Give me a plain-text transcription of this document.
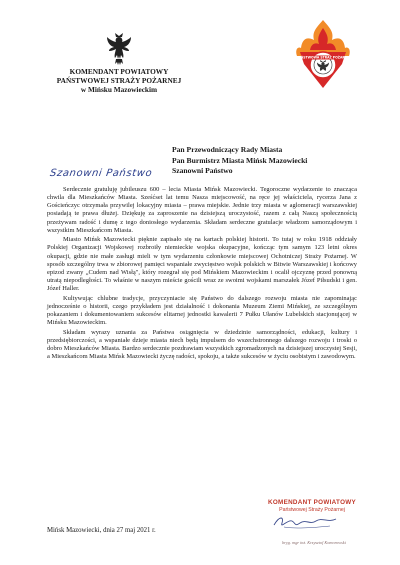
KOMENDANT POWIATOWY
PAŃSTWOWEJ STRAŻY POŻARNEJ
w Mińsku Mazowieckim
PAŃSTWOWA STRAŻ POŻARNA
Pan Przewodniczący Rady Miasta
Pan Burmistrz Miasta Mińsk Mazowiecki
Szanowni Państwo
Szanowni Państwo

Serdecznie gratuluję jubileuszu 600 – lecia Miasta Mińsk Mazowiecki. Tegoroczne wydarzenie to znacząca chwila dla Mieszkańców Miasta. Sześćset lat temu Nasza miejscowość, na ręce jej właściciela, rycerza Jana z Gościeńczyc otrzymała przywilej lokacyjny miasta – prawa miejskie. Jednie trzy miasta w aglomeracji warszawskiej posiadają te prawa dłużej. Dziękuję za zaproszenie na dzisiejszą uroczystość, razem z całą Naszą społecznością przeżywam radość i dumę z tego doniosłego wydarzenia. Składam serdeczne gratulacje władzom samorządowym i wszystkim Mieszkańcom Miasta.

Miasto Mińsk Mazowiecki pięknie zapisało się na kartach polskiej historii. To tutaj w roku 1918 oddziały Polskiej Organizacji Wojskowej rozbroiły niemieckie wojska okupacyjne, kończąc tym samym 123 letni okres okupacji, gdzie nie małe zasługi mieli w tym wydarzeniu członkowie miejscowej Ochotniczej Straży Pożarnej. W sposób szczególny trwa w zbiorowej pamięci wspaniałe zwycięstwo wojsk polskich w Bitwie Warszawskiej i końcowy epizod zwany „Cudem nad Wisłą", który rozegrał się pod Mińskiem Mazowieckim i ocalił ojczyznę przed ponowną utratą niepodległości. To właśnie w naszym mieście gościli wraz ze swoimi wojskami marszałek Józef Piłsudski i gen. Józef Haller.

Kultywując chlubne tradycje, przyczyniacie się Państwo do dalszego rozwoju miasta nie zapominając jednocześnie o historii, czego przykładem jest działalność i dokonania Muzeum Ziemi Mińskiej, ze szczególnym pokazaniem i dokumentowaniem sukcesów elitarnej jednostki kawalerii 7 Pułku Ułanów Lubelskich stacjonującej w Mińsku Mazowieckim.

Składam wyrazy uznania za Państwa osiągnięcia w dziedzinie samorządności, edukacji, kultury i przedsiębiorczości, a wspaniałe dzieje miasta niech będą impulsem do wszechstronnego dalszego rozwoju i troski o dobro Mieszkańców Miasta. Bardzo serdecznie pozdrawiam wszystkich zgromadzonych na dzisiejszej uroczystej Sesji, a Mieszkańcom Miasta Mińsk Mazowiecki życzę radości, spokoju, a także sukcesów w życiu osobistym i zawodowym.

Mińsk Mazowiecki, dnia 27 maj 2021 r.
KOMENDANT POWIATOWY
Państwowej Straży Pożarnej
bryg. mgr inż. Krzysztof Komorowski
